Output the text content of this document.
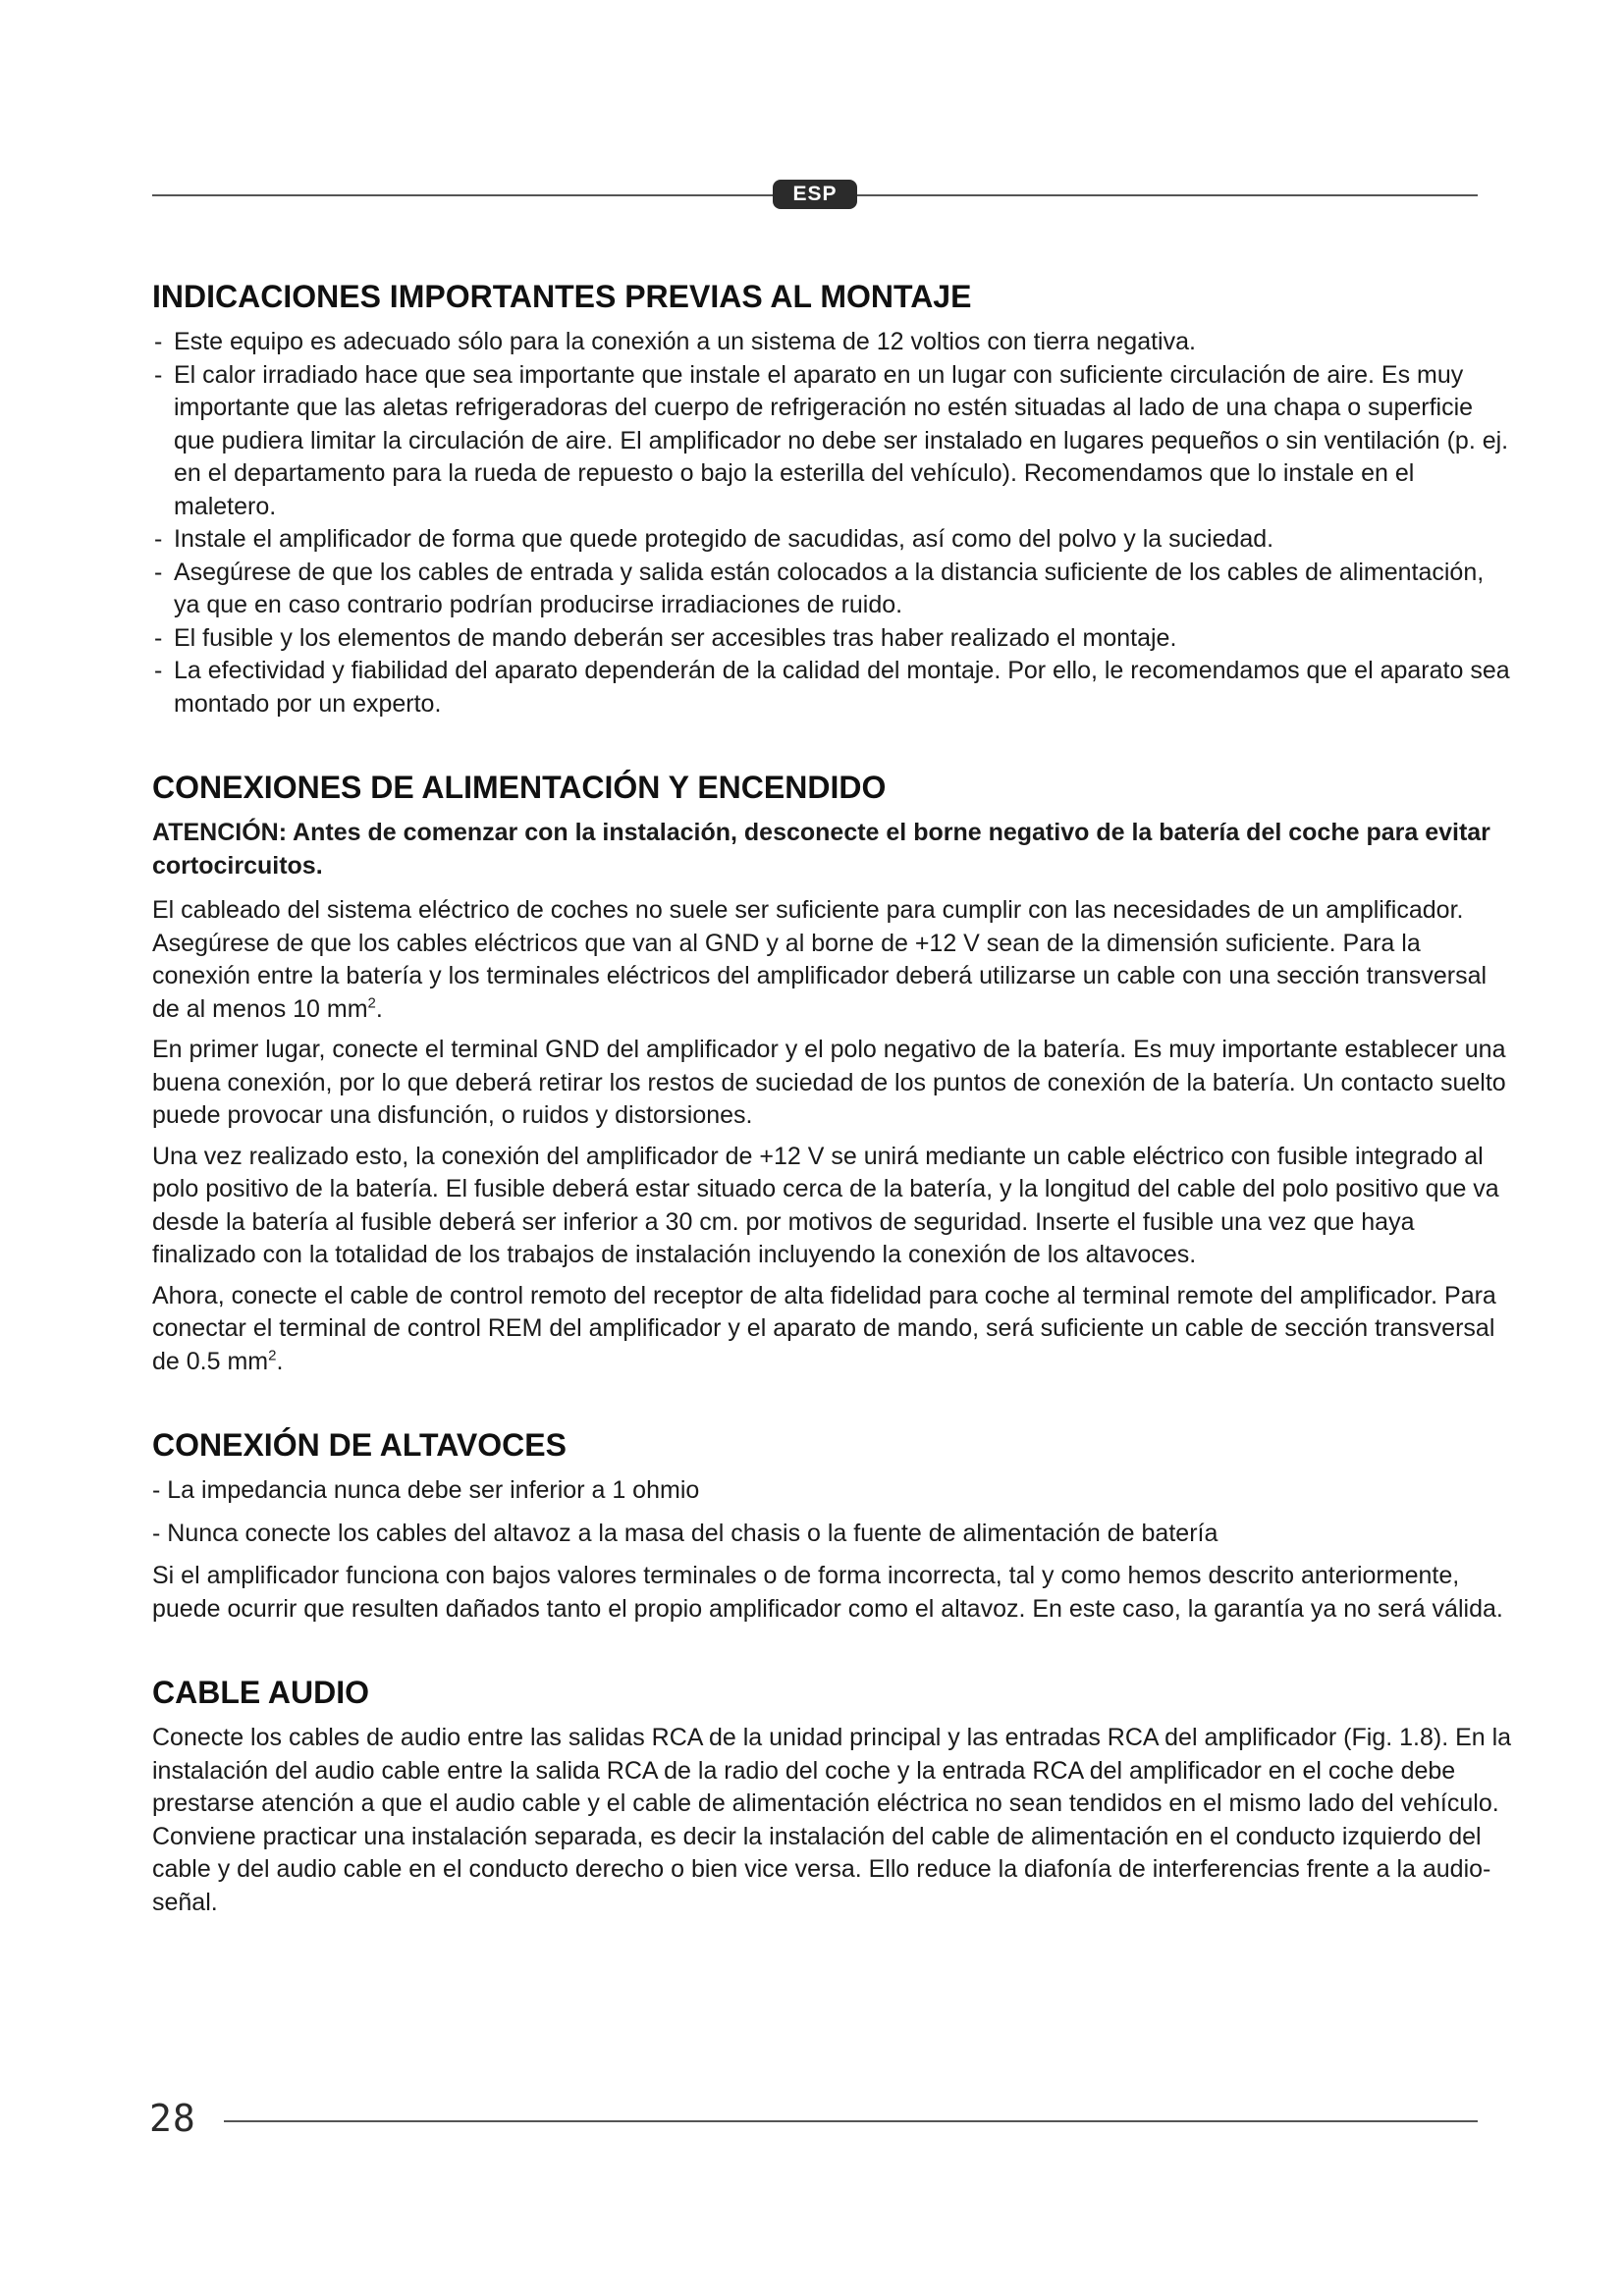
ESP
INDICACIONES IMPORTANTES PREVIAS AL MONTAJE
- Este equipo es adecuado sólo para la conexión a un sistema de 12 voltios con tierra negativa.
- El calor irradiado hace que sea importante que instale el aparato en un lugar con suficiente circulación de aire. Es muy importante que las aletas refrigeradoras del cuerpo de refrigeración no estén situadas al lado de una chapa o superficie que pudiera limitar la circulación de aire. El amplificador no debe ser instalado en lugares pequeños o sin ventilación (p. ej. en el departamento para la rueda de repuesto o bajo la esterilla del vehículo). Recomendamos que lo instale en el maletero.
- Instale el amplificador de forma que quede protegido de sacudidas, así como del polvo y la suciedad.
- Asegúrese de que los cables de entrada y salida están colocados a la distancia suficiente de los cables de alimentación, ya que en caso contrario podrían producirse irradiaciones de ruido.
- El fusible y los elementos de mando deberán ser accesibles tras haber realizado el montaje.
- La efectividad y fiabilidad del aparato dependerán de la calidad del montaje. Por ello, le recomendamos que el aparato sea montado por un experto.
CONEXIONES DE ALIMENTACIÓN Y ENCENDIDO

ATENCIÓN: Antes de comenzar con la instalación, desconecte el borne negativo de la batería del coche para evitar cortocircuitos.

El cableado del sistema eléctrico de coches no suele ser suficiente para cumplir con las necesidades de un amplificador. Asegúrese de que los cables eléctricos que van al GND y al borne de +12 V sean de la dimensión suficiente. Para la conexión entre la batería y los terminales eléctricos del amplificador deberá utilizarse un cable con una sección transversal de al menos 10 $mm^2$.

En primer lugar, conecte el terminal GND del amplificador y el polo negativo de la batería. Es muy importante establecer una buena conexión, por lo que deberá retirar los restos de suciedad de los puntos de conexión de la batería. Un contacto suelto puede provocar una disfunción, o ruidos y distorsiones.

Una vez realizado esto, la conexión del amplificador de +12 V se unirá mediante un cable eléctrico con fusible integrado al polo positivo de la batería. El fusible deberá estar situado cerca de la batería, y la longitud del cable del polo positivo que va desde la batería al fusible deberá ser inferior a 30 cm. por motivos de seguridad. Inserte el fusible una vez que haya finalizado con la totalidad de los trabajos de instalación incluyendo la conexión de los altavoces.

Ahora, conecte el cable de control remoto del receptor de alta fidelidad para coche al terminal remote del amplificador. Para conectar el terminal de control REM del amplificador y el aparato de mando, será suficiente un cable de sección transversal de 0.5 $mm^2$.

CONEXIÓN DE ALTAVOCES

- La impedancia nunca debe ser inferior a 1 ohmio

- Nunca conecte los cables del altavoz a la masa del chasis o la fuente de alimentación de batería

Si el amplificador funciona con bajos valores terminales o de forma incorrecta, tal y como hemos descrito anteriormente, puede ocurrir que resulten dañados tanto el propio amplificador como el altavoz. En este caso, la garantía ya no será válida.

CABLE AUDIO

Conecte los cables de audio entre las salidas RCA de la unidad principal y las entradas RCA del amplificador (Fig. 1.8). En la instalación del audio cable entre la salida RCA de la radio del coche y la entrada RCA del amplificador en el coche debe prestarse atención a que el audio cable y el cable de alimentación eléctrica no sean tendidos en el mismo lado del vehículo. Conviene practicar una instalación separada, es decir la instalación del cable de alimentación en el conducto izquierdo del cable y del audio cable en el conducto derecho o bien vice versa. Ello reduce la diafonía de interferencias frente a la audio-señal.

28
